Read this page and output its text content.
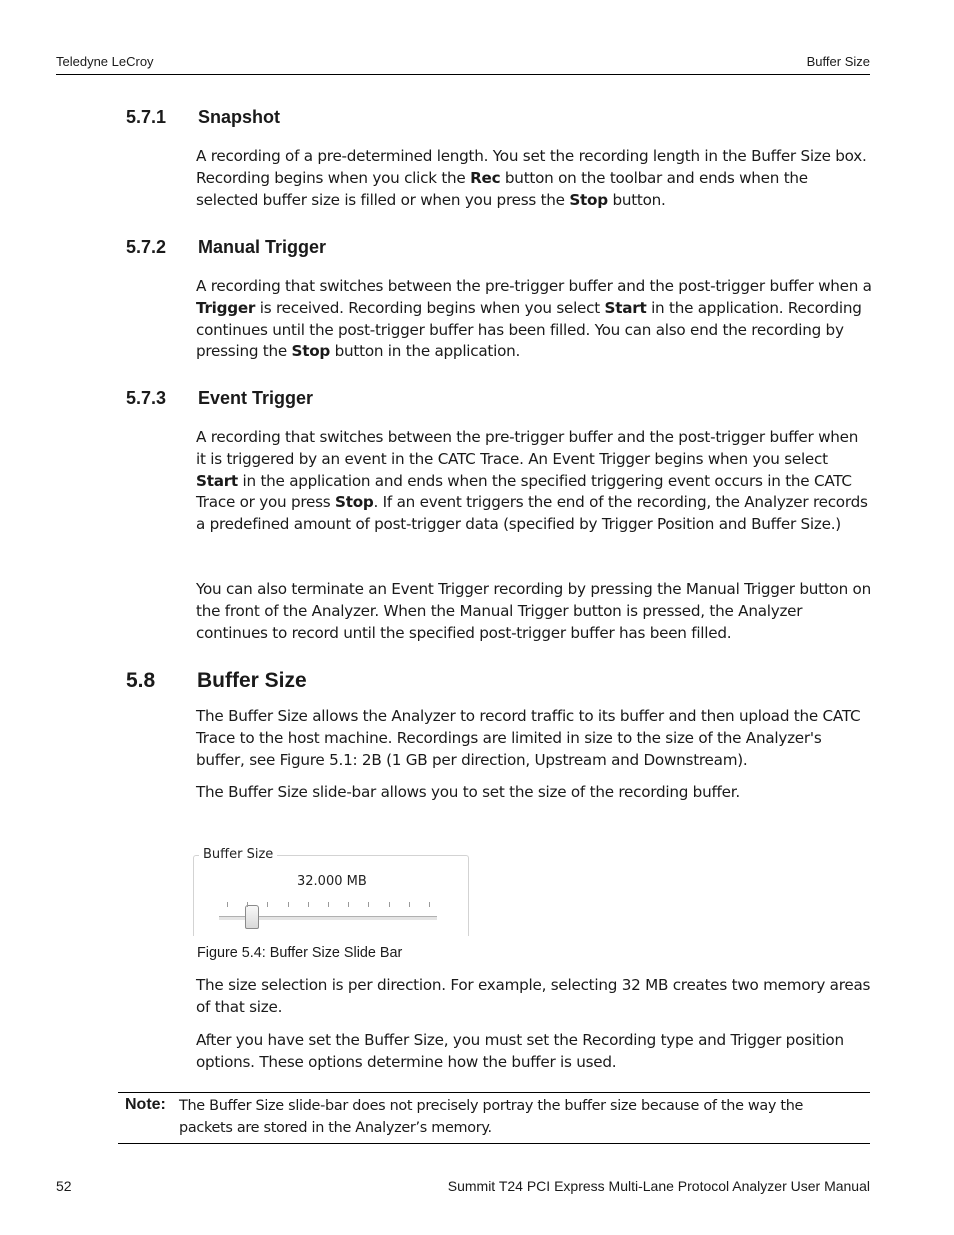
Teledyne LeCroy	Buffer Size
5.7.1 Snapshot

A recording of a pre-determined length. You set the recording length in the Buffer Size box. Recording begins when you click the Rec button on the toolbar and ends when the selected buffer size is filled or when you press the Stop button.

5.7.2 Manual Trigger

A recording that switches between the pre-trigger buffer and the post-trigger buffer when a Trigger is received. Recording begins when you select Start in the application. Recording continues until the post-trigger buffer has been filled. You can also end the recording by pressing the Stop button in the application.

5.7.3 Event Trigger

A recording that switches between the pre-trigger buffer and the post-trigger buffer when it is triggered by an event in the CATC Trace. An Event Trigger begins when you select Start in the application and ends when the specified triggering event occurs in the CATC Trace or you press Stop. If an event triggers the end of the recording, the Analyzer records a predefined amount of post-trigger data (specified by Trigger Position and Buffer Size.)

You can also terminate an Event Trigger recording by pressing the Manual Trigger button on the front of the Analyzer. When the Manual Trigger button is pressed, the Analyzer continues to record until the specified post-trigger buffer has been filled.

5.8 Buffer Size

The Buffer Size allows the Analyzer to record traffic to its buffer and then upload the CATC Trace to the host machine. Recordings are limited in size to the size of the Analyzer's buffer, see Figure 5.1: 2B (1 GB per direction, Upstream and Downstream).

The Buffer Size slide-bar allows you to set the size of the recording buffer.

Buffer Size
32.000 MB
Figure 5.4: Buffer Size Slide Bar

The size selection is per direction. For example, selecting 32 MB creates two memory areas of that size.

After you have set the Buffer Size, you must set the Recording type and Trigger position options. These options determine how the buffer is used.

Note: The Buffer Size slide-bar does not precisely portray the buffer size because of the way the packets are stored in the Analyzer’s memory.
52	Summit T24 PCI Express Multi-Lane Protocol Analyzer User Manual
